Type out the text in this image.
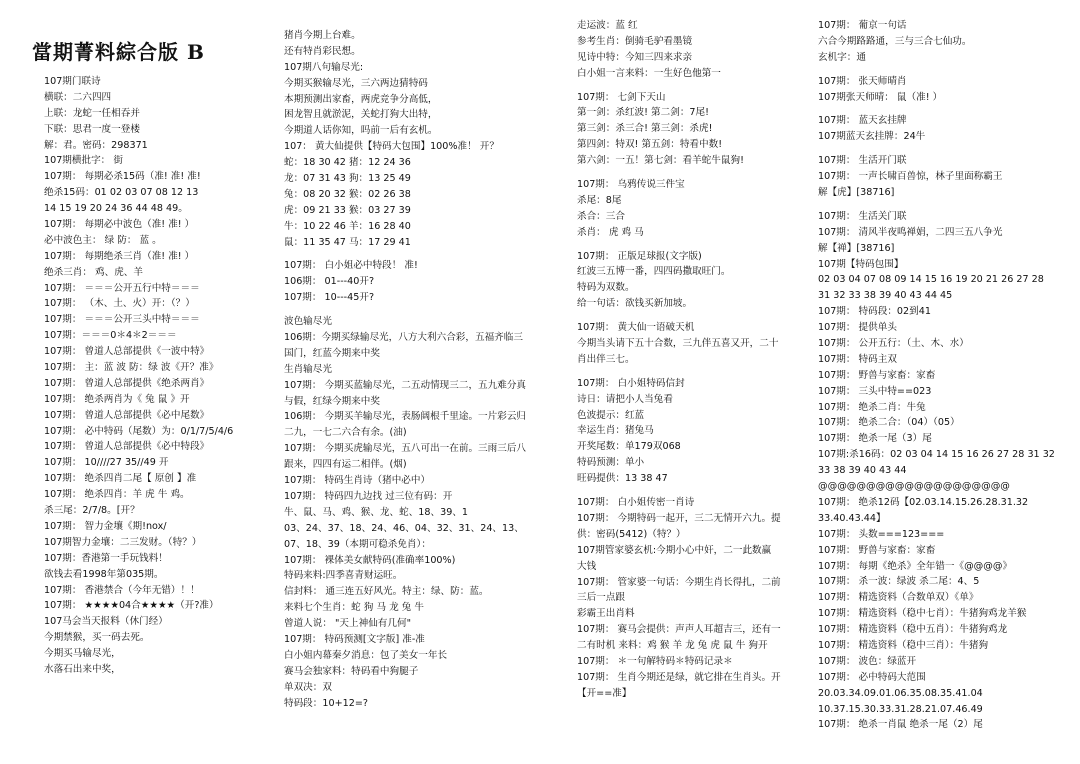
當期菁料綜合版 B
107期门联诗
横联：二六四四
上联：龙蛇一任相吞并
下联：思君一度一登楼
解：君。密码：298371
107期横批字： 街
107期： 每期必杀15码（准! 准! 准!
绝杀15码：01 02 03 07 08 12 13
14 15 19 20 24 36 44 48 49。
107期： 每期必中波色（准! 准! ）
必中波色主： 绿 防： 蓝 。
107期： 每期绝杀三肖（准! 准! ）
绝杀三肖： 鸡、虎、羊
107期： ＝＝＝公开五行中特＝＝＝
107期： （木、土、火）开：（？）
107期： ＝＝＝公开三头中特＝＝＝
107期：＝＝＝0＊4＊2＝＝＝
107期： 曾道人总部提供《一波中特》
107期： 主：蓝 波 防：绿 波《开？准》
107期： 曾道人总部提供《绝杀两肖》
107期： 绝杀两肖为《 兔 鼠 》开
107期： 曾道人总部提供《必中尾数》
107期： 必中特码（尾数）为：0/1/7/5/4/6
107期： 曾道人总部提供《必中特段》
107期： 10////27 35//49 开
107期： 绝杀四肖二尾【 原创 】准
107期： 绝杀四肖：羊 虎 牛 鸡。
杀三尾：2/7/8。[开？
107期： 智力金壤《期!nox/
107期智力金壤：二三发财。（特？）
107期：香港第一手玩钱料！
欲钱去看1998年第035期。
107期： 香港禁合（今年无错）！！
107期： ★★★★04合★★★★（开?准）
107马会当天报料（休门经）
今期禁猴，买一码去死。
今期买马输尽光，
水落石出来中奖，
猪肖今期上台难。
还有特肖彩民想。
107期八句输尽光:
今期买猴输尽光，三六两边猜特码
本期预测出家畜，两虎竞争分高低，
困龙智且就淤泥，关蛇打狗大出特，
今期道人话你知，吗前一后有玄机。
107： 黄大仙提供【特码大包围】100%准！ 开？
蛇：18 30 42 猪：12 24 36
龙：07 31 43 狗：13 25 49
兔：08 20 32 猴：02 26 38
虎：09 21 33 猴：03 27 39
牛：10 22 46 羊：16 28 40
鼠：11 35 47 马：17 29 41
107期： 白小姐必中特段！ 准!
106期： 01---40开?
107期： 10---45开?
波色输尽光
106期：今期买绿输尽光，八方大利六合彩，五福齐临三
国门，红蓝今期来中奖
生肖输尽光
107期： 今期买蓝输尽光，二五动情现三二，五九难分真
与假，红绿今期来中奖
106期： 今期买羊输尽光，表肠阔根千里途。一片彩云归
二九，一七二六合有余。(油)
107期： 今期买虎输尽光，五八可出一在前。三雨三后八
跟来，四四有运二相伴。(烟)
107期： 特码生肖诗（猪中必中）
107期： 特码四九边找 过三位有码：开
牛、鼠、马、鸡、猴、龙、蛇、18、39、1
03、24、37、18、24、46、04、32、31、24、13、
07、18、39（本期可稳杀免肖）：
107期： 裸体美女献特码(准确率100%)
特码来料:四季喜青财运旺。
信封料： 通三连五好风光。特主：绿、防：蓝。
来料七个生肖：蛇 狗 马 龙 兔 牛
曾道人说： "天上神仙有几何"
107期： 特码预测[文字版] 准-准
白小姐内幕秦夕消息：包了美女一年长
赛马会独家料：特码看中狗腿子
单双决：双
特码段：10+12=?
走运波：蓝 红
参考生肖：倒骑毛驴看墨镜
见诗中特：今知三四来求亲
白小姐一言来料：一生好色他第一
107期： 七剑下天山
第一剑：杀红波! 第二剑：7尾!
第三剑：杀三合! 第三剑：杀虎!
第四剑：特双! 第五剑：特看中数!
第六剑：一五！第七剑：看羊蛇牛鼠狗!
107期： 乌鸦传说三件宝
杀尾：8尾
杀合：三合
杀肖： 虎 鸡 马
107期： 正版足球报(文字版)
红波三五博一番，四四码撒取旺门。
特码为双数。
给一句话：欲钱买新加坡。
107期： 黄大仙一语破天机
今期当头请下五十合数，三九伴五喜又开，二十
肖出伴三七。
107期： 白小姐特码信封
诗日：请把小人当兔看
色波提示：红蓝
幸运生肖：猪兔马
开奖尾数：单179双068
特码预测：单小
旺码提供：13 38 47
107期： 白小姐传密一肖诗
107期： 今期特码一起开，三二无情开六九。提
供：密码(5412)（特？）
107期管家婆玄机:今期小心中奸，二一此数赢
大钱
107期： 管家婆一句话：今期生肖长得扎，二前
三后一点跟
彩霸王出肖料
107期： 赛马会提供：声声人耳超吉三，还有一
二有时机 来料：鸡 猴 羊 龙 兔 虎 鼠 牛 狗开
107期： ＊一句解特码＊特码记录＊
107期： 生肖今期还是绿，就它排在生肖头。开
【开==准】
107期： 葡京一句话
六合今期路路通，三与三合七仙功。
玄机字：通
107期： 张天师晴肖
107期张天师晴： 鼠（准! ）
107期： 蓝天玄挂牌
107期蓝天玄挂牌：24牛
107期： 生活开门联
107期： 一声长啸百兽惊，林子里面称霸王
解【虎】[38716]
107期： 生活关门联
107期： 清风半夜鸣禅娟，二四三五八争光
解【禅】[38716]
107期【特码包围】
02 03 04 07 08 09 14 15 16 19 20 21 26 27 28
31 32 33 38 39 40 43 44 45
107期： 特码段：02到41
107期： 提供单头
107期： 公开五行：（土、木、水）
107期： 特码主双
107期： 野兽与家畜：家畜
107期： 三头中特==023
107期： 绝杀二肖：牛兔
107期： 绝杀二合：（04）（05）
107期： 绝杀一尾（3）尾
107期:杀16码：02 03 04 14 15 16 26 27 28 31 32
33 38 39 40 43 44
@@@@@@@@@@@@@@@@@@@@
107期： 绝杀12码【02.03.14.15.26.28.31.32
33.40.43.44】
107期： 头数===123===
107期： 野兽与家畜：家畜
107期： 每期《绝杀》全年错一《@@@@》
107期： 杀一波：绿波 杀二尾：4、5
107期： 精选资料（合数单双）《单》
107期： 精选资料（稳中七肖）：牛猪狗鸡龙羊猴
107期： 精选资料（稳中五肖）：牛猪狗鸡龙
107期： 精选资料（稳中三肖）：牛猪狗
107期： 波色：绿蓝开
107期： 必中特码大范围
20.03.34.09.01.06.35.08.35.41.04
10.37.15.30.33.31.28.21.07.46.49
107期： 绝杀一肖鼠 绝杀一尾（2）尾
